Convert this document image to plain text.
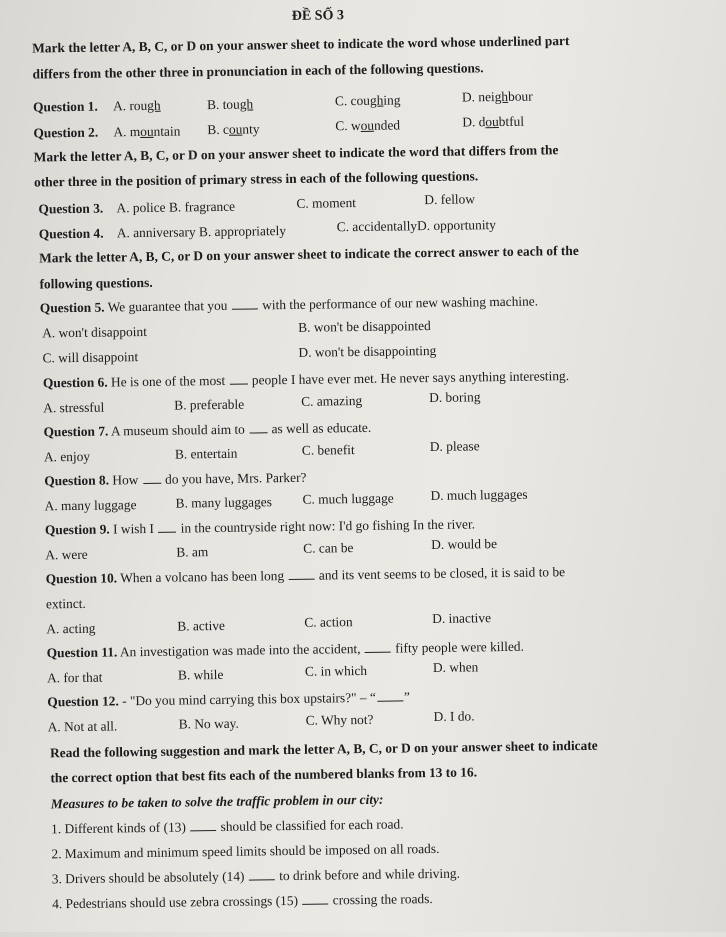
ĐỀ SỐ 3
Mark the letter A, B, C, or D on your answer sheet to indicate the word whose underlined part
differs from the other three in pronunciation in each of the following questions.
Question 1. A. rough	B. tough	C. coughing	D. neighbour
Question 2. A. mountain B. county	C. wounded	D. doubtful
Mark the letter A, B, C, or D on your answer sheet to indicate the word that differs from the
other three in the position of primary stress in each of the following questions.
Question 3. A. police B. fragrance	C. moment	D. fellow
Question 4. A. anniversary B. appropriately	C. accidentallyD. opportunity
Mark the letter A, B, C, or D on your answer sheet to indicate the correct answer to each of the
following questions.
Question 5. We guarantee that you	with the performance of our new washing machine.
A. won't disappoint	B. won't be disappointed
C. will disappoint	D. won't be disappointing
Question 6. He is one of the most people I have ever met. He never says anything interesting.
A. stressful	B. preferable	C. amazing	D. boring
Question 7. A museum should aim to as well as educate.
A. enjoy	B. entertain	C. benefit	D. please
Question 8. How do you have, Mrs. Parker?
A. many luggage	B. many luggages C. much luggage	D. much luggages
Question 9. I wish I in the countryside right now: I'd go fishing In the river.
A. were	B. am	C. can be	D. would be
Question 10. When a volcano has been long	and its vent seems to be closed, it is said to be
extinct.
A. acting	B. active	C. action	D. inactive
Question 11. An investigation was made into the accident,	fifty people were killed.
A. for that	B. while	C. in which	D. when
Question 12. - "Do you mind carrying this box upstairs?" – “ ”
A. Not at all.	B. No way.	C. Why not?	D. I do.
Read the following suggestion and mark the letter A, B, C, or D on your answer sheet to indicate
the correct option that best fits each of the numbered blanks from 13 to 16.
Measures to be taken to solve the traffic problem in our city:
1. Different kinds of (13)	should be classified for each road.
2. Maximum and minimum speed limits should be imposed on all roads.
3. Drivers should be absolutely (14)	to drink before and while driving.
4. Pedestrians should use zebra crossings (15)	crossing the roads.
